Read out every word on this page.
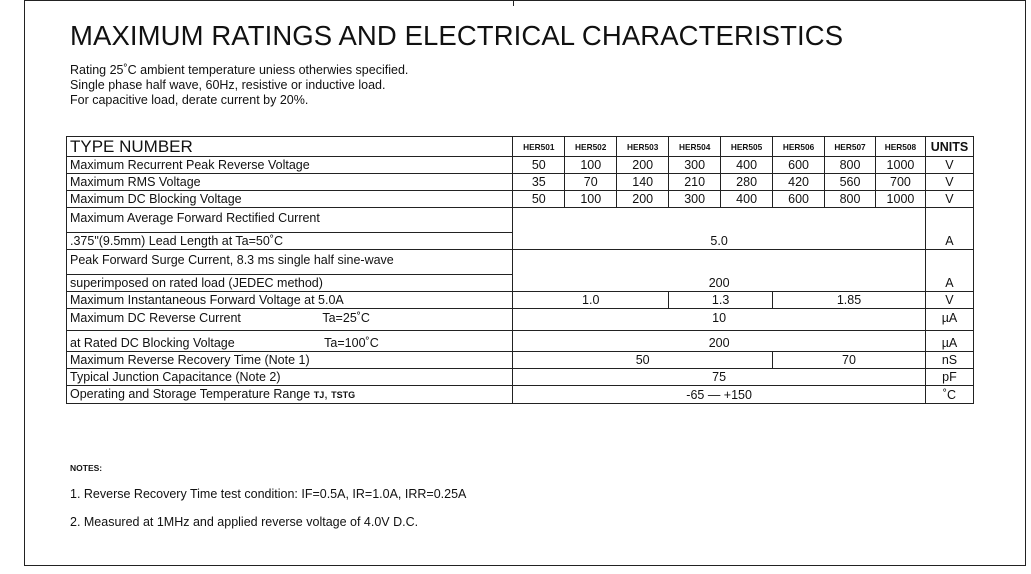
MAXIMUM RATINGS AND ELECTRICAL CHARACTERISTICS
Rating 25˚C ambient temperature uniess otherwies specified.
Single phase half wave, 60Hz, resistive or inductive load.
For capacitive load, derate current by 20%.
TYPE NUMBER	HER501	HER502	HER503	HER504	HER505	HER506	HER507	HER508	UNITS
Maximum Recurrent Peak Reverse Voltage	50	100	200	300	400	600	800	1000	V
Maximum RMS Voltage	35	70	140	210	280	420	560	700	V
Maximum DC Blocking Voltage	50	100	200	300	400	600	800	1000	V
Maximum Average Forward Rectified Current	5.0								A
.375"(9.5mm) Lead Length at Ta=50˚C									
Peak Forward Surge Current, 8.3 ms single half sine-wave	200								A
superimposed on rated load (JEDEC method)									
Maximum Instantaneous Forward Voltage at 5.0A	1.0			1.3		1.85			V
Maximum DC Reverse Current Ta=25˚C	10								µA
at Rated DC Blocking Voltage Ta=100˚C	200								µA
Maximum Reverse Recovery Time (Note 1)	50					70			nS
Typical Junction Capacitance (Note 2)	75								pF
Operating and Storage Temperature Range TJ, TSTG	-65 — +150								˚C
NOTES:
1. Reverse Recovery Time test condition: IF=0.5A, IR=1.0A, IRR=0.25A
2. Measured at 1MHz and applied reverse voltage of 4.0V D.C.
